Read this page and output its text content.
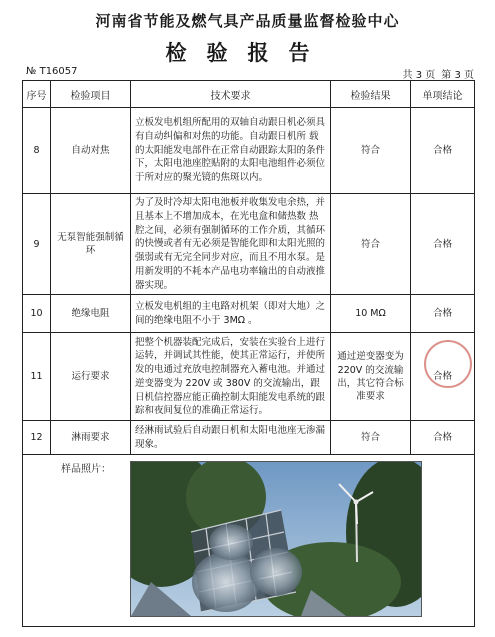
河南省节能及燃气具产品质量监督检验中心
检验报告
№ T16057	共 3 页 第 3 页
序号	检验项目	技术要求	检验结果	单项结论
8	自动对焦	立板发电机组所配用的双轴自动跟日机必须具有自动纠偏和对焦的功能。自动跟日机所 载的太阳能发电部件在正常自动跟踪太阳的条件下，太阳电池座腔贴附的太阳电池组件必须位于所对应的聚光镜的焦斑以内。	符合	合格
9	无泵智能强制循环	为了及时冷却太阳电池板并收集发电余热，并且基本上不增加成本，在光电盒和储热数 热腔之间，必须有强制循环的工作介质，其循环的快慢或者有无必须是智能化即和太阳光照的强弱或有无完全同步对应，而且不用水泵。是用新发明的不耗本产品电功率输出的自动液推器实现。	符合	合格
10	绝缘电阻	立板发电机组的主电路对机架（即对大地）之间的绝缘电阻不小于 3MΩ 。	10 MΩ	合格
11	运行要求	把整个机器装配完成后，安装在实验台上进行运转，并调试其性能，使其正常运行，并使所发的电通过充放电控制器充入蓄电池。并通过逆变器变为 220V 或 380V 的交流输出，跟日机信控器应能正确控制太阳能发电系统的跟踪和夜间复位的准确正常运行。	通过逆变器变为 220V 的交流输出，其它符合标准要求	合格
12	淋雨要求	经淋雨试验后自动跟日机和太阳电池座无渗漏现象。	符合	合格

样品照片：				
